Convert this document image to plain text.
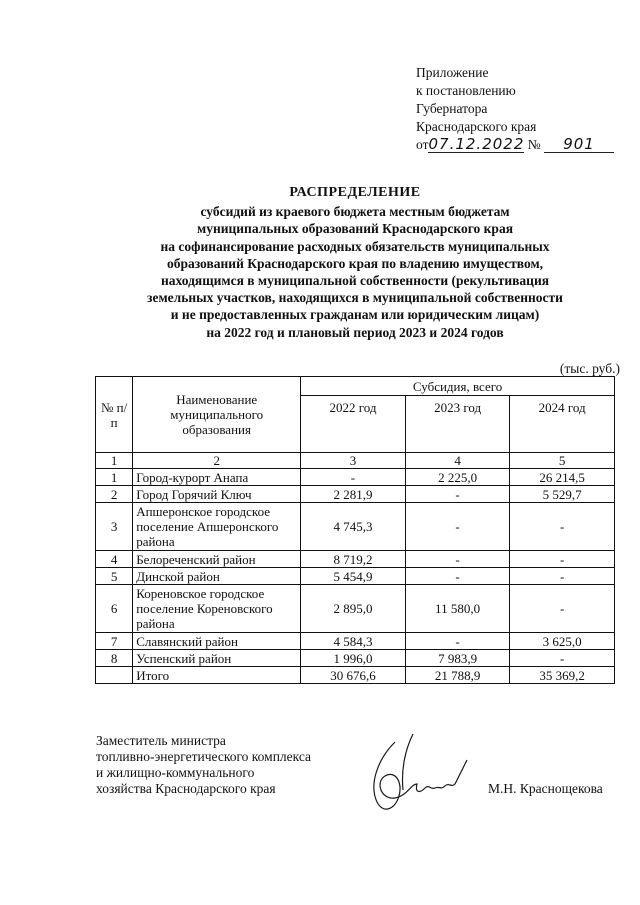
Приложение
к постановлению
Губернатора
Краснодарского края
от07.12.2022 № 901
РАСПРЕДЕЛЕНИЕ
субсидий из краевого бюджета местным бюджетам
муниципальных образований Краснодарского края
на софинансирование расходных обязательств муниципальных
образований Краснодарского края по владению имуществом,
находящимся в муниципальной собственности (рекультивация
земельных участков, находящихся в муниципальной собственности
и не предоставленных гражданам или юридическим лицам)
на 2022 год и плановый период 2023 и 2024 годов
(тыс. руб.)
№ п/п	Наименование муниципального образования	Субсидия, всего		
		2022 год	2023 год	2024 год
1	2	3	4	5
1	Город-курорт Анапа	-	2 225,0	26 214,5
2	Город Горячий Ключ	2 281,9	-	5 529,7
3	Апшеронское городское поселение Апшеронского района	4 745,3	-	-
4	Белореченский район	8 719,2	-	-
5	Динской район	5 454,9	-	-
6	Кореновское городское поселение Кореновского района	2 895,0	11 580,0	-
7	Славянский район	4 584,3	-	3 625,0
8	Успенский район	1 996,0	7 983,9	-
	Итого	30 676,6	21 788,9	35 369,2
Заместитель министра
топливно-энергетического комплекса
и жилищно-коммунального
хозяйства Краснодарского края	М.Н. Краснощекова
